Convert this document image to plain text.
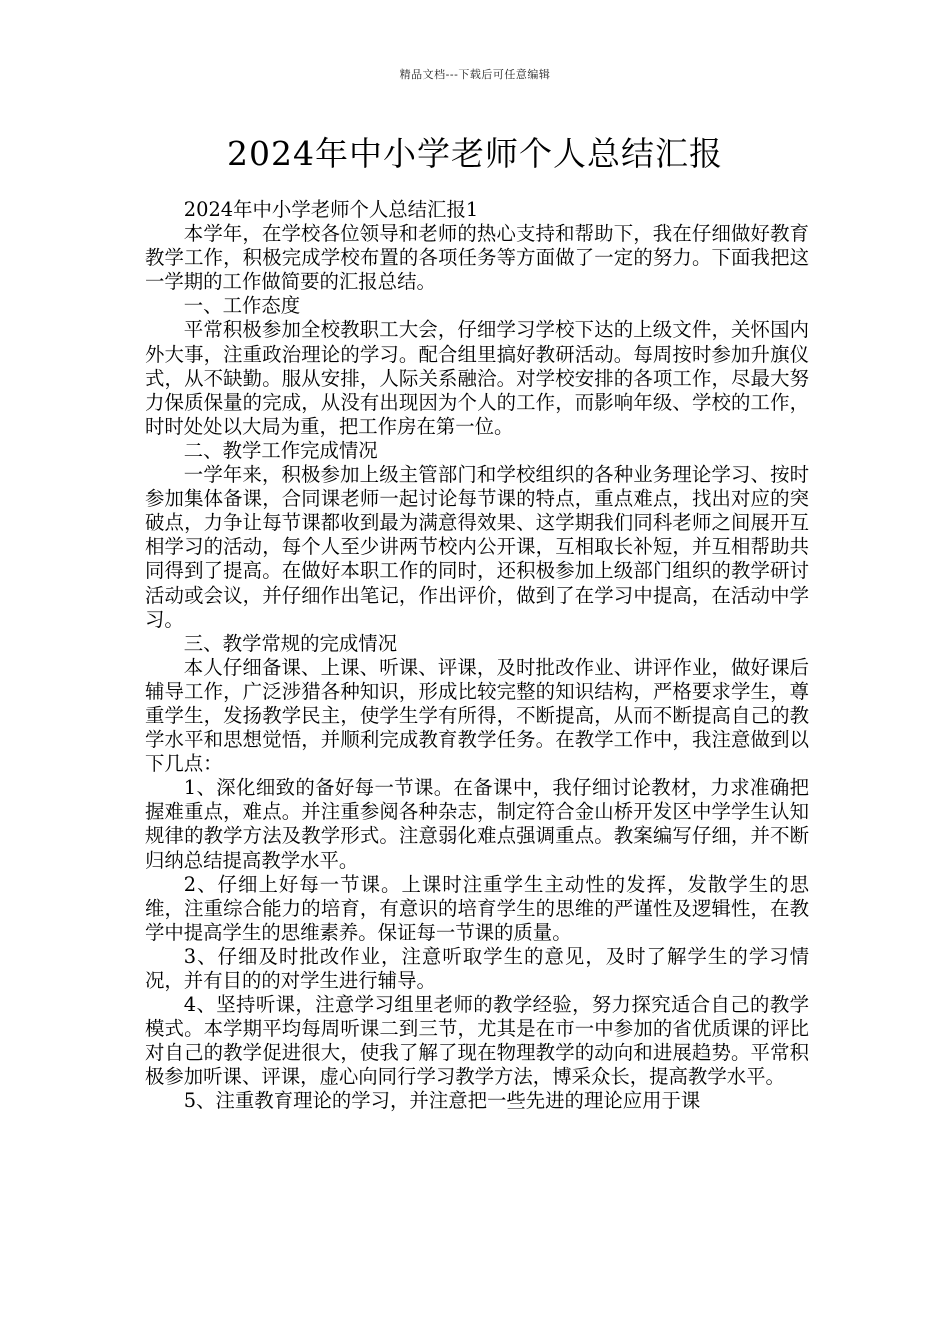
精品文档---下载后可任意编辑
2024年中小学老师个人总结汇报

2024年中小学老师个人总结汇报1

本学年，在学校各位领导和老师的热心支持和帮助下，我在仔细做好教育教学工作，积极完成学校布置的各项任务等方面做了一定的努力。下面我把这一学期的工作做简要的汇报总结。

一、工作态度

平常积极参加全校教职工大会，仔细学习学校下达的上级文件，关怀国内外大事，注重政治理论的学习。配合组里搞好教研活动。每周按时参加升旗仪式，从不缺勤。服从安排，人际关系融洽。对学校安排的各项工作，尽最大努力保质保量的完成，从没有出现因为个人的工作，而影响年级、学校的工作，时时处处以大局为重，把工作房在第一位。

二、教学工作完成情况

一学年来，积极参加上级主管部门和学校组织的各种业务理论学习、按时参加集体备课，合同课老师一起讨论每节课的特点，重点难点，找出对应的突破点，力争让每节课都收到最为满意得效果、这学期我们同科老师之间展开互相学习的活动，每个人至少讲两节校内公开课，互相取长补短，并互相帮助共同得到了提高。在做好本职工作的同时，还积极参加上级部门组织的教学研讨活动或会议，并仔细作出笔记，作出评价，做到了在学习中提高，在活动中学习。

三、教学常规的完成情况

本人仔细备课、上课、听课、评课，及时批改作业、讲评作业，做好课后辅导工作，广泛涉猎各种知识，形成比较完整的知识结构，严格要求学生，尊重学生，发扬教学民主，使学生学有所得，不断提高，从而不断提高自己的教学水平和思想觉悟，并顺利完成教育教学任务。在教学工作中，我注意做到以下几点：

1、深化细致的备好每一节课。在备课中，我仔细讨论教材，力求准确把握难重点，难点。并注重参阅各种杂志，制定符合金山桥开发区中学学生认知规律的教学方法及教学形式。注意弱化难点强调重点。教案编写仔细，并不断归纳总结提高教学水平。

2、仔细上好每一节课。上课时注重学生主动性的发挥，发散学生的思维，注重综合能力的培育，有意识的培育学生的思维的严谨性及逻辑性，在教学中提高学生的思维素养。保证每一节课的质量。

3、仔细及时批改作业，注意听取学生的意见，及时了解学生的学习情况，并有目的的对学生进行辅导。

4、坚持听课，注意学习组里老师的教学经验，努力探究适合自己的教学模式。本学期平均每周听课二到三节，尤其是在市一中参加的省优质课的评比对自己的教学促进很大，使我了解了现在物理教学的动向和进展趋势。平常积极参加听课、评课，虚心向同行学习教学方法，博采众长，提高教学水平。

5、注重教育理论的学习，并注意把一些先进的理论应用于课
